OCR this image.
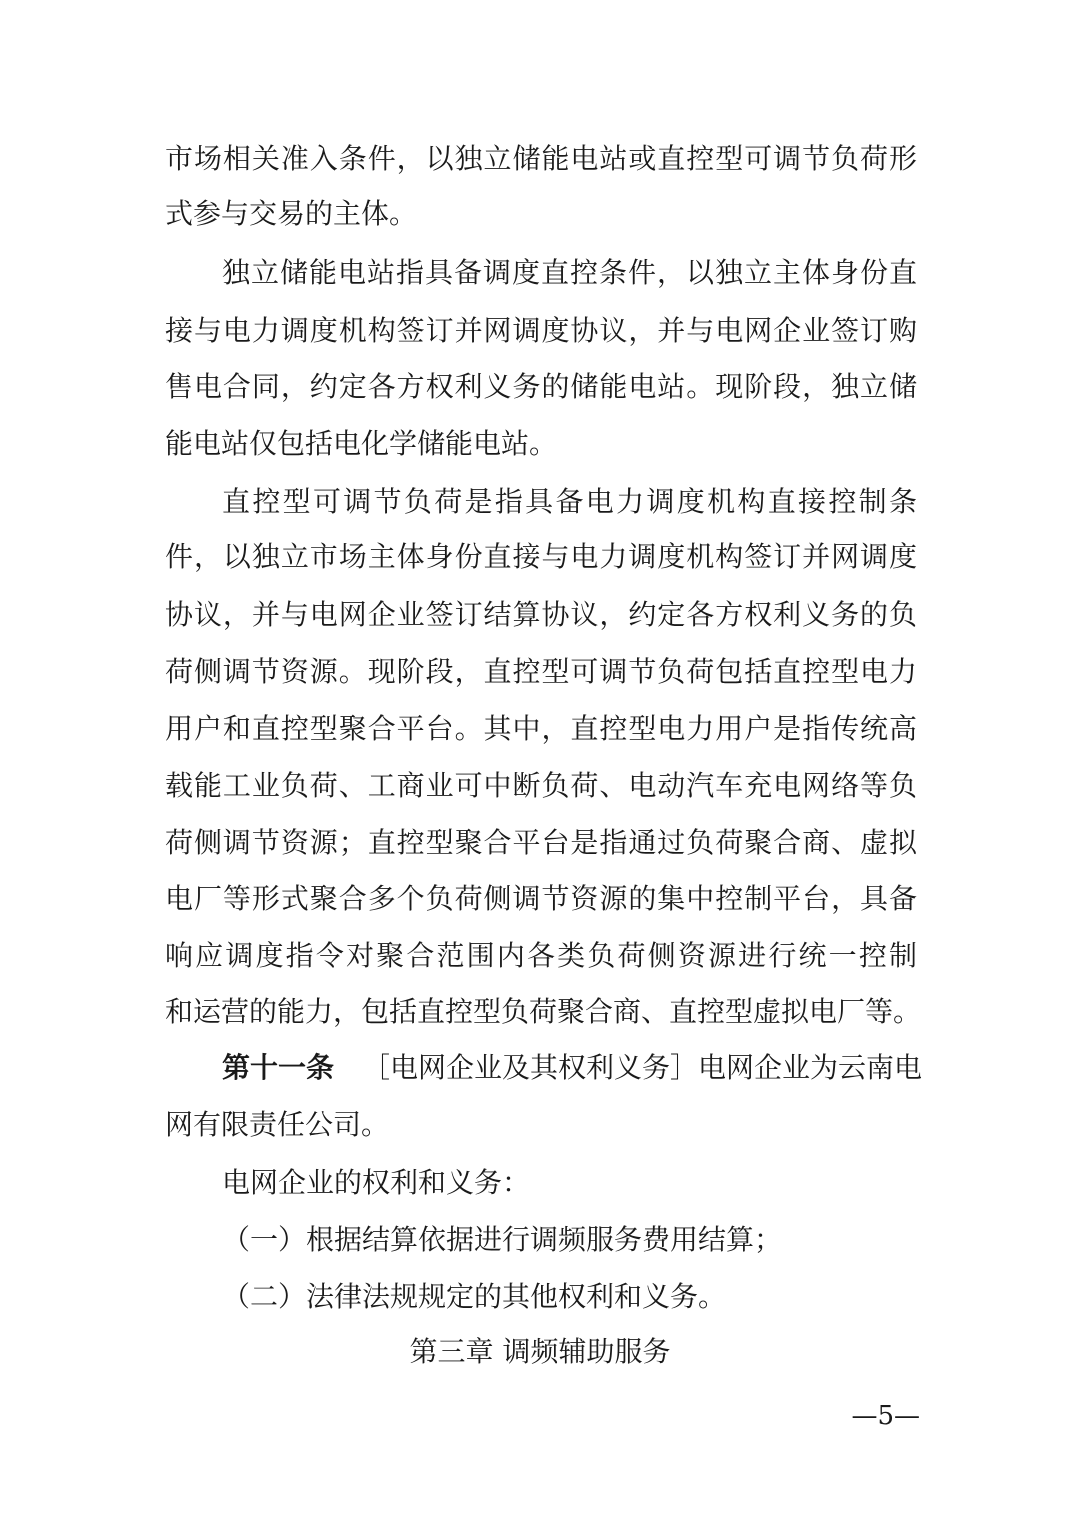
市场相关准入条件，以独立储能电站或直控型可调节负荷形
式参与交易的主体。
独立储能电站指具备调度直控条件，以独立主体身份直
接与电力调度机构签订并网调度协议，并与电网企业签订购
售电合同，约定各方权利义务的储能电站。现阶段，独立储
能电站仅包括电化学储能电站。
直控型可调节负荷是指具备电力调度机构直接控制条
件，以独立市场主体身份直接与电力调度机构签订并网调度
协议，并与电网企业签订结算协议，约定各方权利义务的负
荷侧调节资源。现阶段，直控型可调节负荷包括直控型电力
用户和直控型聚合平台。其中，直控型电力用户是指传统高
载能工业负荷、工商业可中断负荷、电动汽车充电网络等负
荷侧调节资源；直控型聚合平台是指通过负荷聚合商、虚拟
电厂等形式聚合多个负荷侧调节资源的集中控制平台，具备
响应调度指令对聚合范围内各类负荷侧资源进行统一控制
和运营的能力，包括直控型负荷聚合商、直控型虚拟电厂等。
第十一条 ［电网企业及其权利义务］电网企业为云南电
网有限责任公司。
电网企业的权利和义务：
（一）根据结算依据进行调频服务费用结算；
（二）法律法规规定的其他权利和义务。
第三章 调频辅助服务
—5—
